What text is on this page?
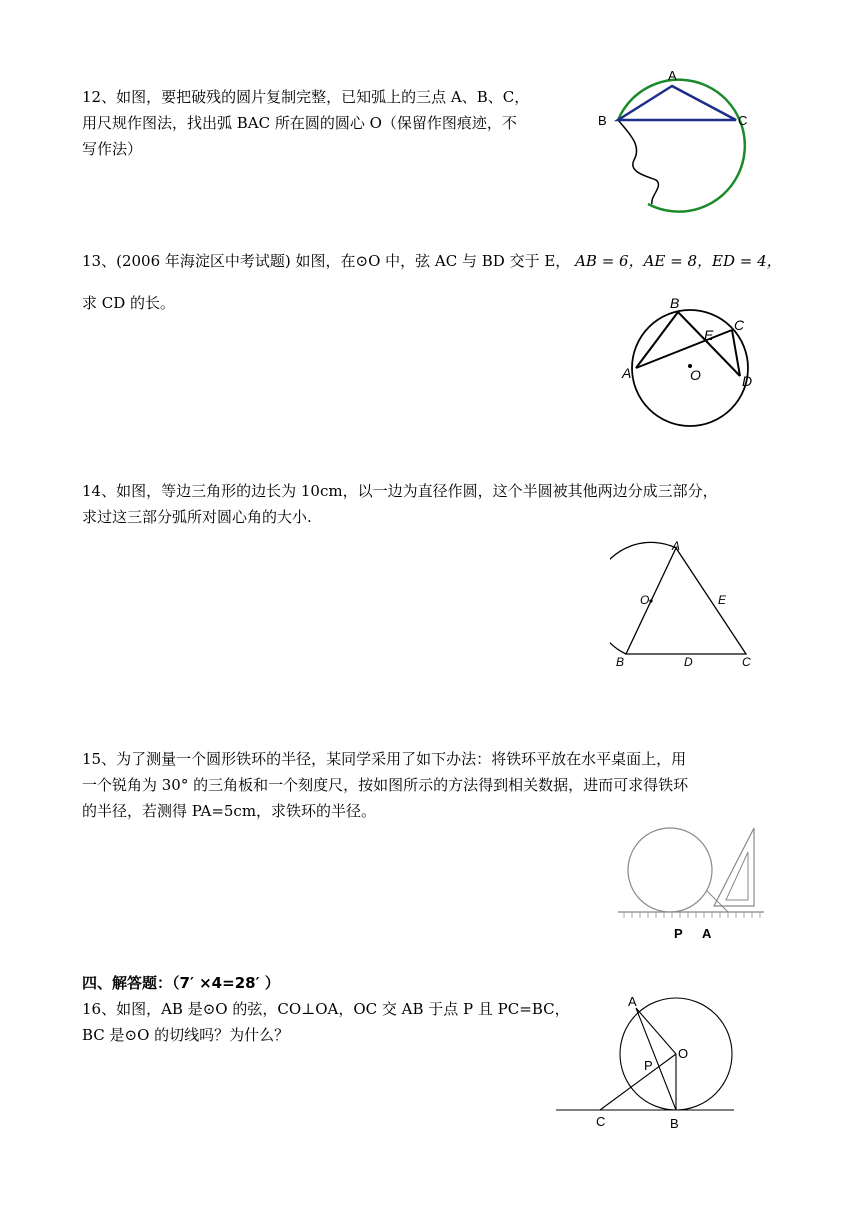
12、如图，要把破残的圆片复制完整，已知弧上的三点 A、B、C，
用尺规作图法，找出弧 BAC 所在圆的圆心 O（保留作图痕迹，不
写作法）
A
B	C
13、(2006 年海淀区中考试题) 如图，在⊙O 中，弦 AC 与 BD 交于 E， AB = 6，AE = 8，ED = 4，
求 CD 的长。
A
B
C
D
E
O
14、如图，等边三角形的边长为 10cm，以一边为直径作圆，这个半圆被其他两边分成三部分，
求过这三部分弧所对圆心角的大小.
A
O	E
B	D	C
15、为了测量一个圆形铁环的半径，某同学采用了如下办法：将铁环平放在水平桌面上，用
一个锐角为 30° 的三角板和一个刻度尺，按如图所示的方法得到相关数据，进而可求得铁环
的半径，若测得 PA=5cm，求铁环的半径。
P A
四、解答题：（7′ ×4=28′ ）
16、如图，AB 是⊙O 的弦，CO⊥OA，OC 交 AB 于点 P 且 PC=BC，
BC 是⊙O 的切线吗？为什么？
A
O
P
C	B
